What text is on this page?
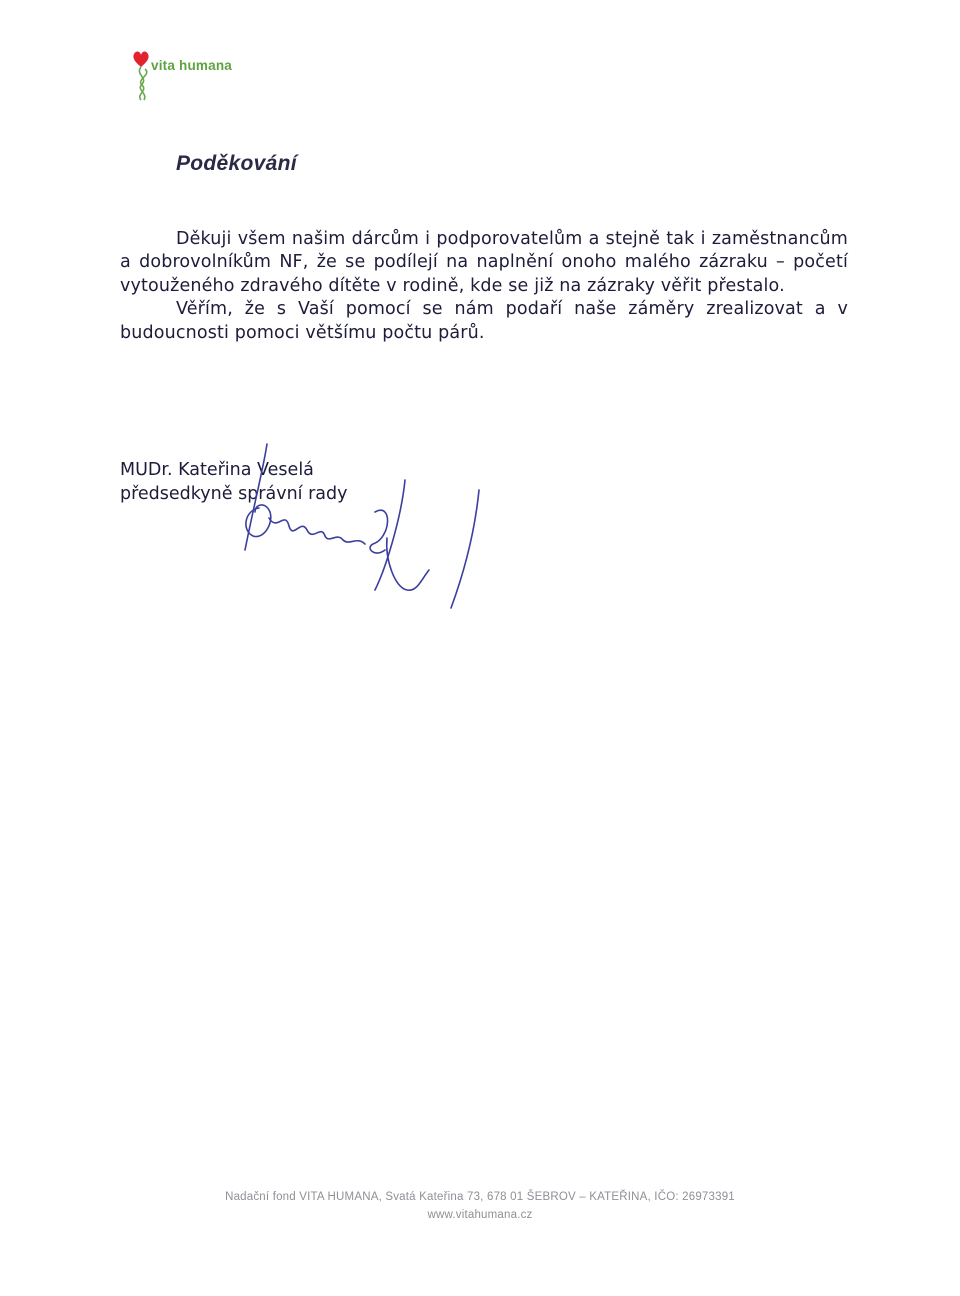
vita humana
Poděkování

Děkuji všem našim dárcům i podporovatelům a stejně tak i zaměstnancům a dobrovolníkům NF, že se podílejí na naplnění onoho malého zázraku – početí vytouženého zdravého dítěte v rodině, kde se již na zázraky věřit přestalo.

Věřím, že s Vaší pomocí se nám podaří naše záměry zrealizovat a v budoucnosti pomoci většímu počtu párů.

MUDr. Kateřina Veselá
předsedkyně správní rady
Nadační fond VITA HUMANA, Svatá Kateřina 73, 678 01 ŠEBROV – KATEŘINA, IČO: 26973391
www.vitahumana.cz
